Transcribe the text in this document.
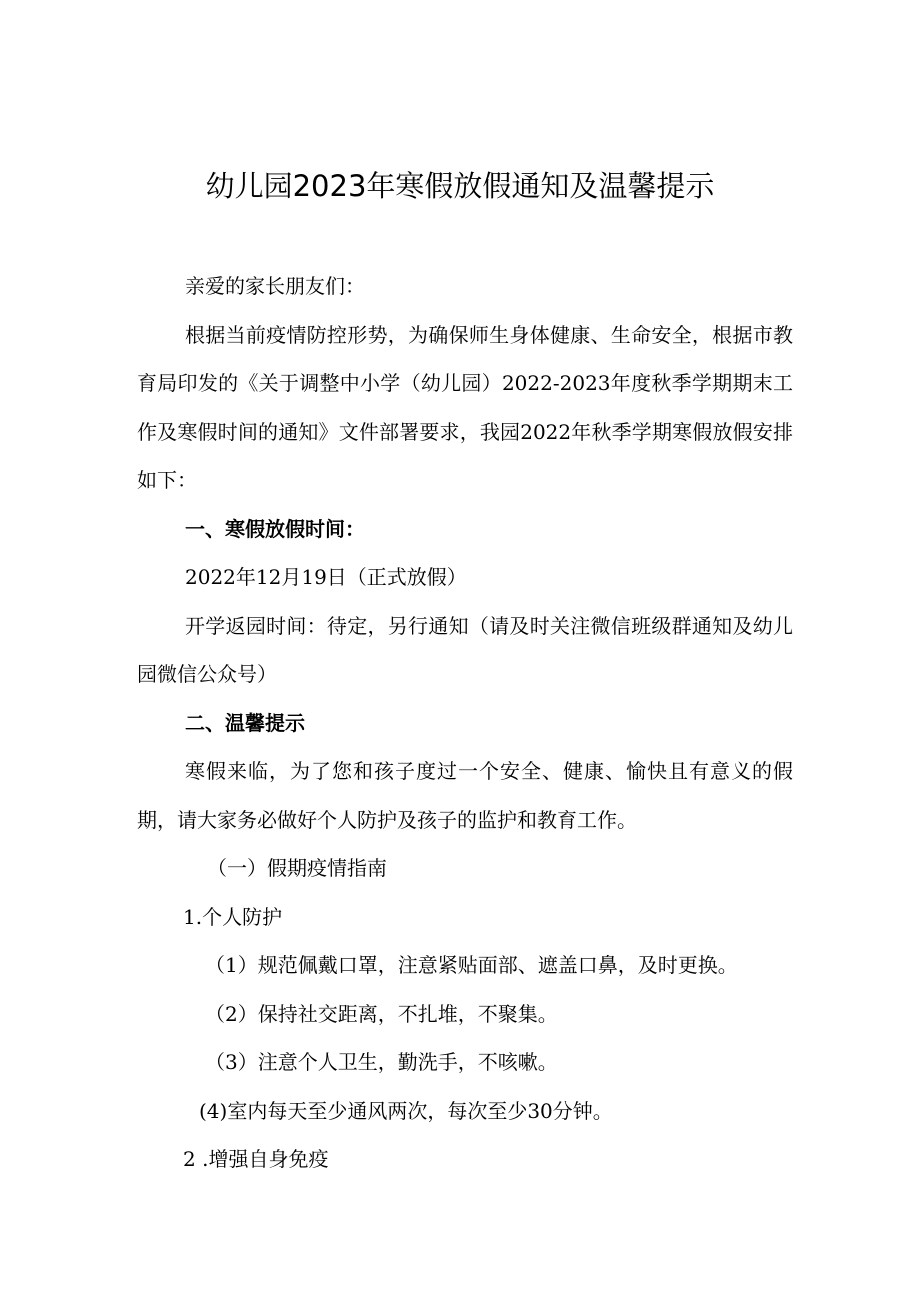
幼儿园2023年寒假放假通知及温馨提示

亲爱的家长朋友们：

根据当前疫情防控形势，为确保师生身体健康、生命安全，根据市教育局印发的《关于调整中小学（幼儿园）2022-2023年度秋季学期期末工作及寒假时间的通知》文件部署要求，我园2022年秋季学期寒假放假安排如下：

一、寒假放假时间：

2022年12月19日（正式放假）

开学返园时间：待定，另行通知（请及时关注微信班级群通知及幼儿园微信公众号）

二、温馨提示

寒假来临，为了您和孩子度过一个安全、健康、愉快且有意义的假期，请大家务必做好个人防护及孩子的监护和教育工作。

（一）假期疫情指南

1.个人防护

（1）规范佩戴口罩，注意紧贴面部、遮盖口鼻，及时更换。

（2）保持社交距离，不扎堆，不聚集。

（3）注意个人卫生，勤洗手，不咳嗽。

(4)室内每天至少通风两次，每次至少30分钟。

2 .增强自身免疫
